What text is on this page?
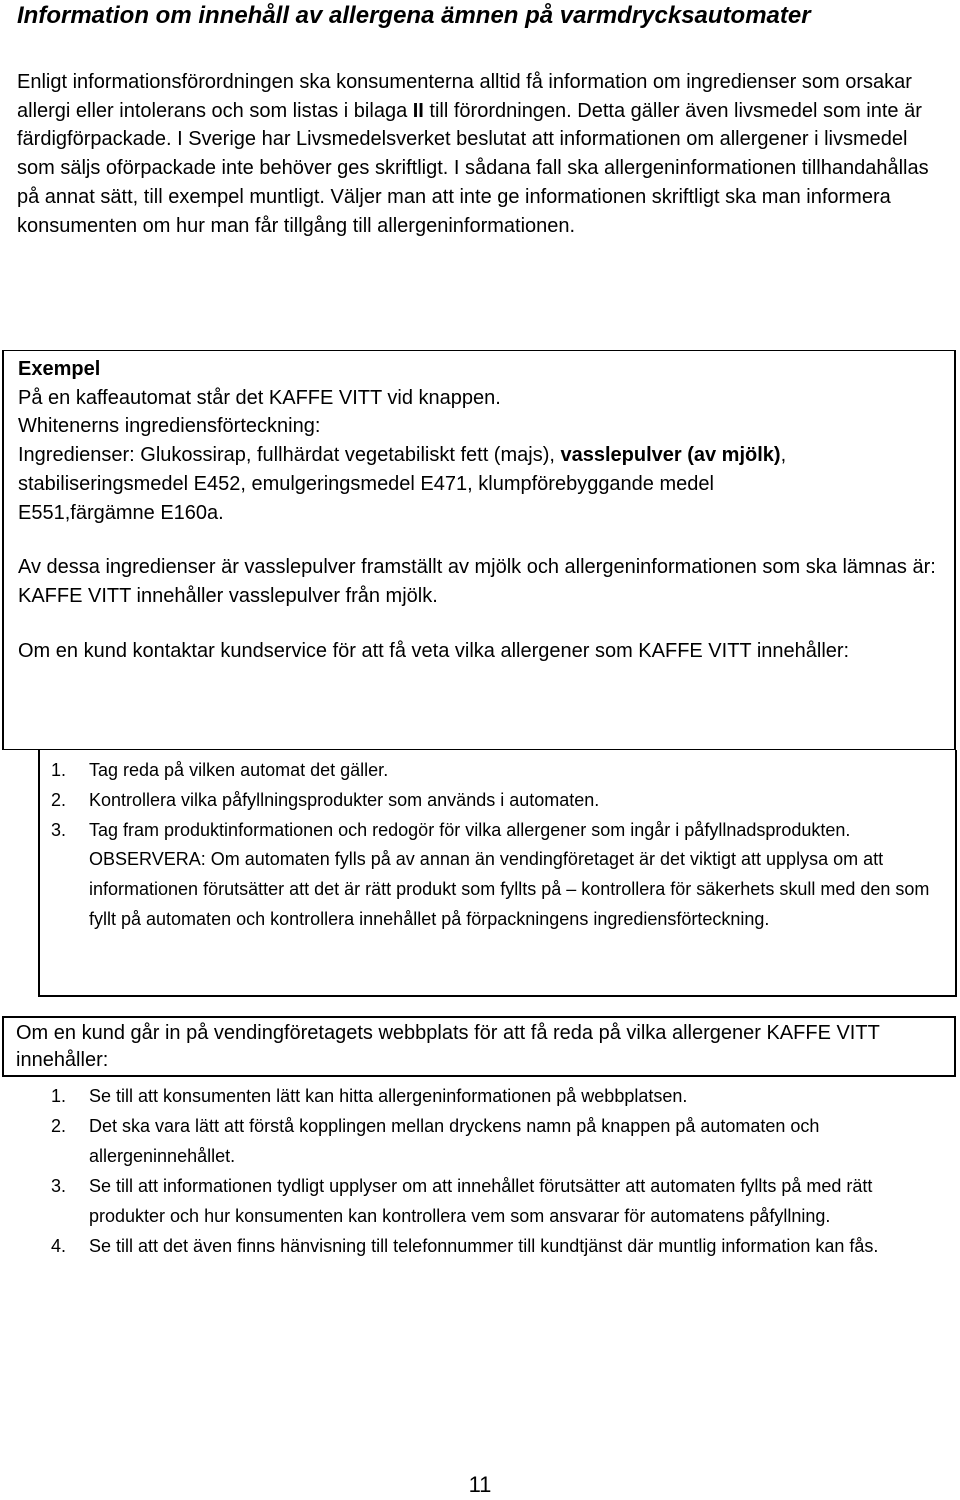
Information om innehåll av allergena ämnen på varmdrycksautomater
Enligt informationsförordningen ska konsumenterna alltid få information om ingredienser som orsakar allergi eller intolerans och som listas i bilaga II till förordningen. Detta gäller även livsmedel som inte är färdigförpackade. I Sverige har Livsmedelsverket beslutat att informationen om allergener i livsmedel som säljs oförpackade inte behöver ges skriftligt. I sådana fall ska allergeninformationen tillhandahållas på annat sätt, till exempel muntligt. Väljer man att inte ge informationen skriftligt ska man informera konsumenten om hur man får tillgång till allergeninformationen.

Exempel

På en kaffeautomat står det KAFFE VITT vid knappen.

Whitenerns ingrediensförteckning:

Ingredienser: Glukossirap, fullhärdat vegetabiliskt fett (majs), vasslepulver (av mjölk), stabiliseringsmedel E452, emulgeringsmedel E471, klumpförebyggande medel

E551,färgämne E160a.

Av dessa ingredienser är vasslepulver framställt av mjölk och allergeninformationen som ska lämnas är: KAFFE VITT innehåller vasslepulver från mjölk.

Om en kund kontaktar kundservice för att få veta vilka allergener som KAFFE VITT innehåller:

1. Tag reda på vilken automat det gäller.
2. Kontrollera vilka påfyllningsprodukter som används i automaten.
3. Tag fram produktinformationen och redogör för vilka allergener som ingår i påfyllnadsprodukten.
OBSERVERA: Om automaten fylls på av annan än vendingföretaget är det viktigt att upplysa om att informationen förutsätter att det är rätt produkt som fyllts på – kontrollera för säkerhets skull med den som fyllt på automaten och kontrollera innehållet på förpackningens ingrediensförteckning.
Om en kund går in på vendingföretagets webbplats för att få reda på vilka allergener KAFFE VITT innehåller:
1. Se till att konsumenten lätt kan hitta allergeninformationen på webbplatsen.
2. Det ska vara lätt att förstå kopplingen mellan dryckens namn på knappen på automaten och allergeninnehållet.
3. Se till att informationen tydligt upplyser om att innehållet förutsätter att automaten fyllts på med rätt produkter och hur konsumenten kan kontrollera vem som ansvarar för automatens påfyllning.
4. Se till att det även finns hänvisning till telefonnummer till kundtjänst där muntlig information kan fås.
11
